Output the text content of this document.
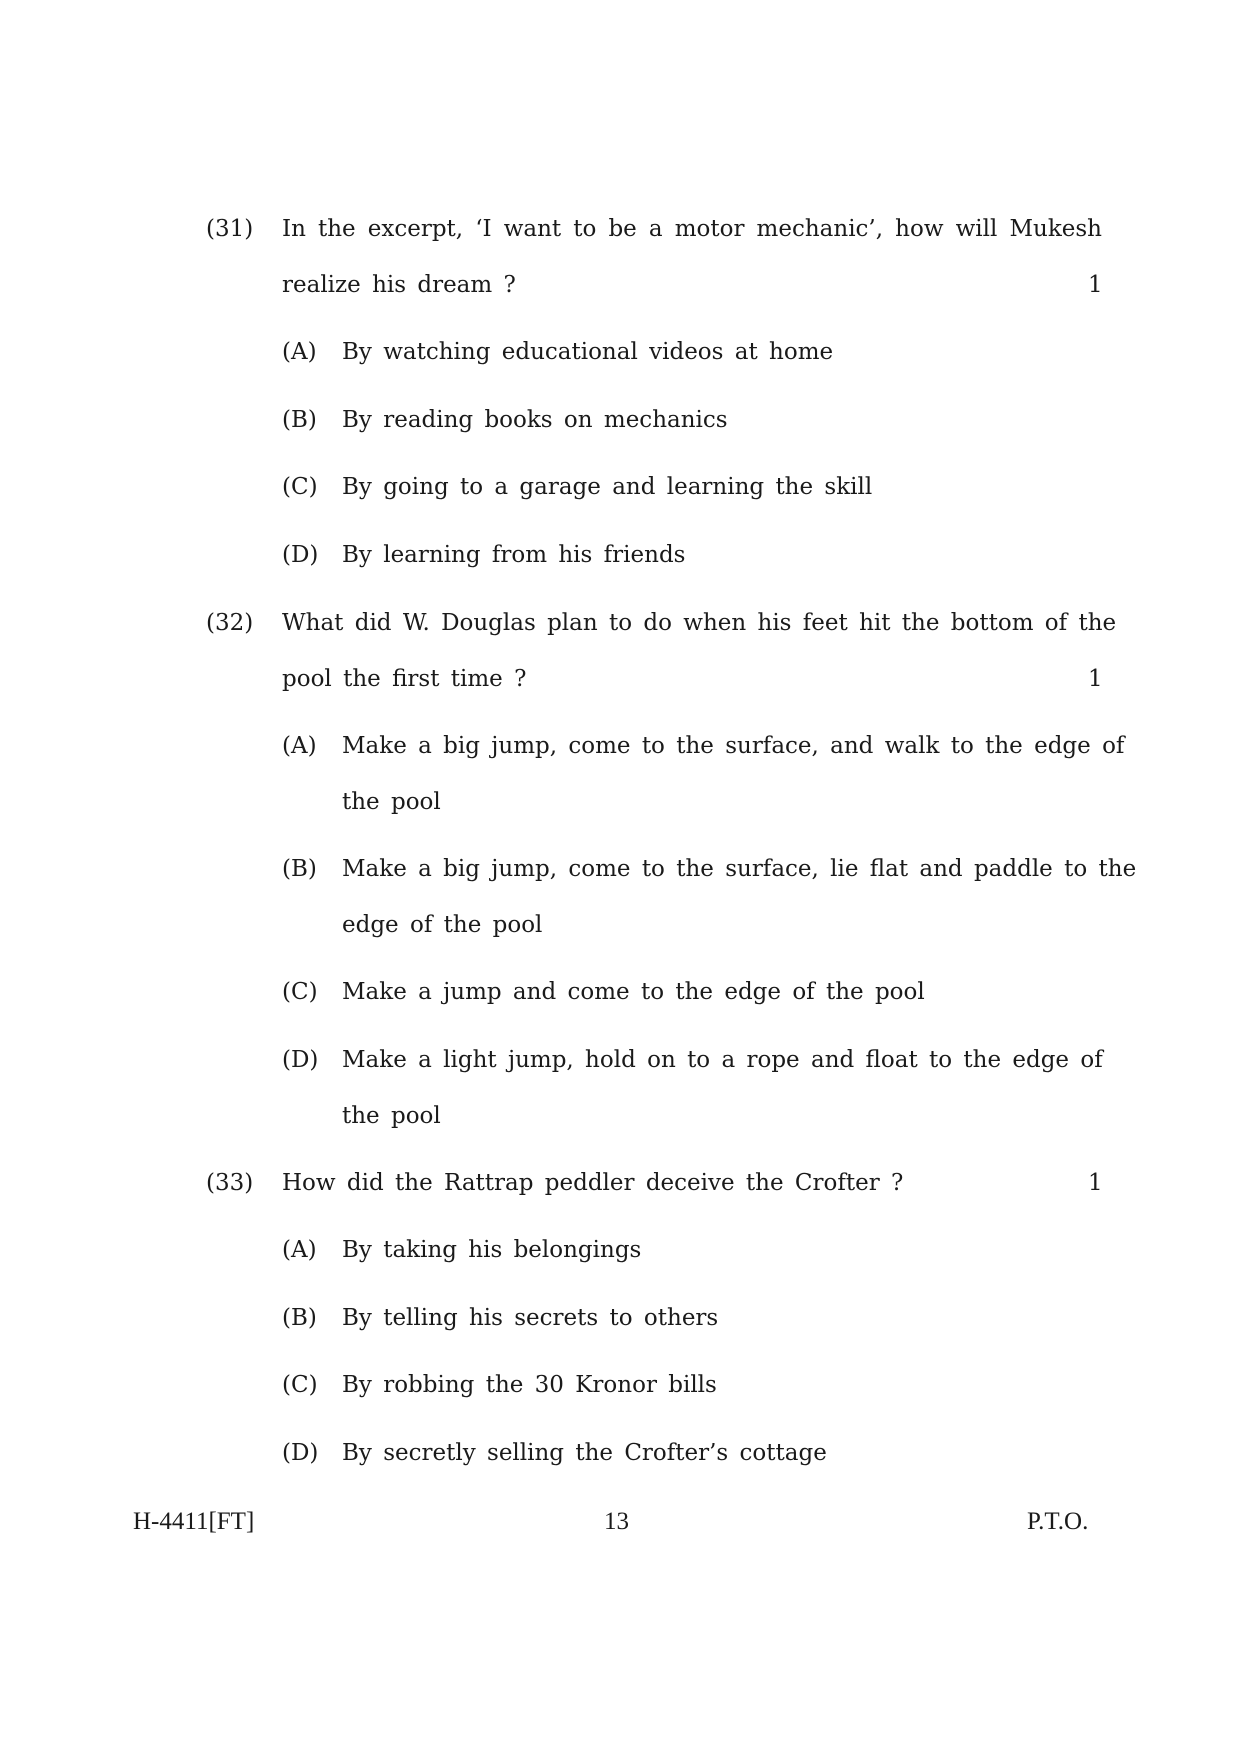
(31) In the excerpt, ‘I want to be a motor mechanic’, how will Mukesh
realize his dream ?	1
(A) By watching educational videos at home
(B) By reading books on mechanics
(C) By going to a garage and learning the skill
(D) By learning from his friends
(32) What did W. Douglas plan to do when his feet hit the bottom of the
pool the first time ?	1
(A) Make a big jump, come to the surface, and walk to the edge of
the pool
(B) Make a big jump, come to the surface, lie flat and paddle to the
edge of the pool
(C) Make a jump and come to the edge of the pool
(D) Make a light jump, hold on to a rope and float to the edge of
the pool
(33) How did the Rattrap peddler deceive the Crofter ?	1
(A) By taking his belongings
(B) By telling his secrets to others
(C) By robbing the 30 Kronor bills
(D) By secretly selling the Crofter’s cottage
H-4411[FT]	13	P.T.O.
